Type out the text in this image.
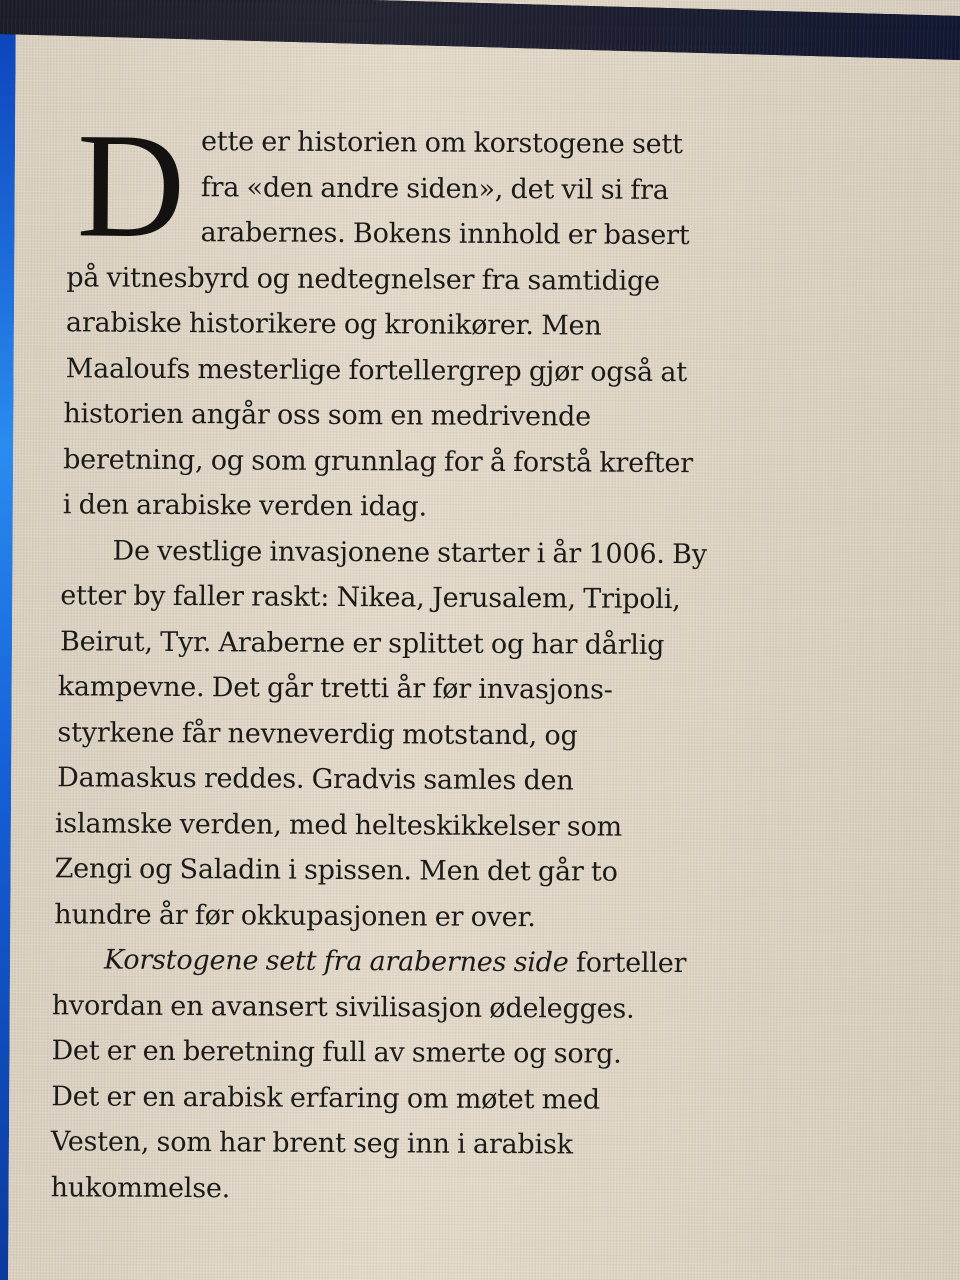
D ette er historien om korstogene sett
fra «den andre siden», det vil si fra
arabernes. Bokens innhold er basert
på vitnesbyrd og nedtegnelser fra samtidige
arabiske historikere og kronikører. Men
Maaloufs mesterlige fortellergrep gjør også at
historien angår oss som en medrivende
beretning, og som grunnlag for å forstå krefter
i den arabiske verden idag.
De vestlige invasjonene starter i år 1006. By
etter by faller raskt: Nikea, Jerusalem, Tripoli,
Beirut, Tyr. Araberne er splittet og har dårlig
kampevne. Det går tretti år før invasjons-
styrkene får nevneverdig motstand, og
Damaskus reddes. Gradvis samles den
islamske verden, med helteskikkelser som
Zengi og Saladin i spissen. Men det går to
hundre år før okkupasjonen er over.
Korstogene sett fra arabernes side forteller
hvordan en avansert sivilisasjon ødelegges.
Det er en beretning full av smerte og sorg.
Det er en arabisk erfaring om møtet med
Vesten, som har brent seg inn i arabisk
hukommelse.
